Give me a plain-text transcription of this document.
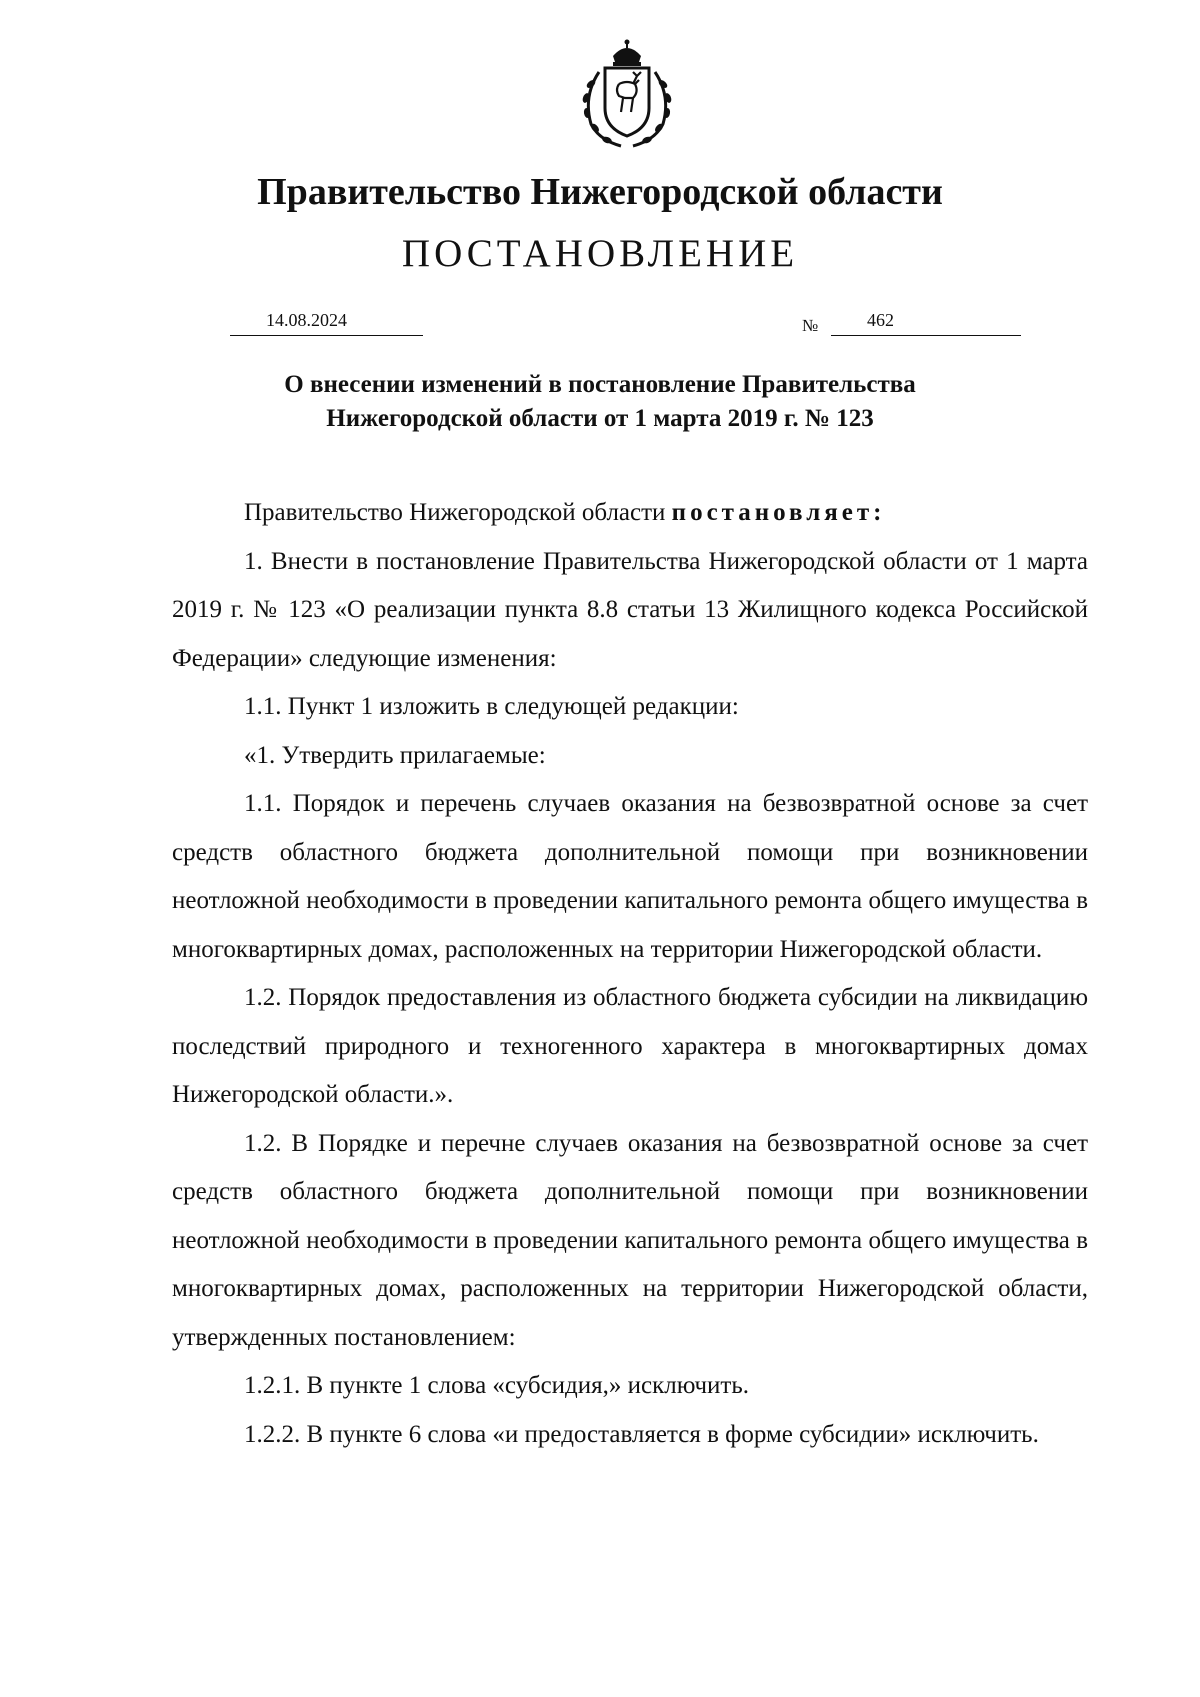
Правительство Нижегородской области
ПОСТАНОВЛЕНИЕ
14.08.2024	№	462
О внесении изменений в постановление Правительства
Нижегородской области от 1 марта 2019 г. № 123

Правительство Нижегородской области постановляет:

1. Внести в постановление Правительства Нижегородской области от 1 марта 2019 г. № 123 «О реализации пункта 8.8 статьи 13 Жилищного кодекса Российской Федерации» следующие изменения:

1.1. Пункт 1 изложить в следующей редакции:

«1. Утвердить прилагаемые:

1.1. Порядок и перечень случаев оказания на безвозвратной основе за счет средств областного бюджета дополнительной помощи при возникновении неотложной необходимости в проведении капитального ремонта общего имущества в многоквартирных домах, расположенных на территории Нижегородской области.

1.2. Порядок предоставления из областного бюджета субсидии на ликвидацию последствий природного и техногенного характера в многоквартирных домах Нижегородской области.».

1.2. В Порядке и перечне случаев оказания на безвозвратной основе за счет средств областного бюджета дополнительной помощи при возникновении неотложной необходимости в проведении капитального ремонта общего имущества в многоквартирных домах, расположенных на территории Нижегородской области, утвержденных постановлением:

1.2.1. В пункте 1 слова «субсидия,» исключить.

1.2.2. В пункте 6 слова «и предоставляется в форме субсидии» исключить.
